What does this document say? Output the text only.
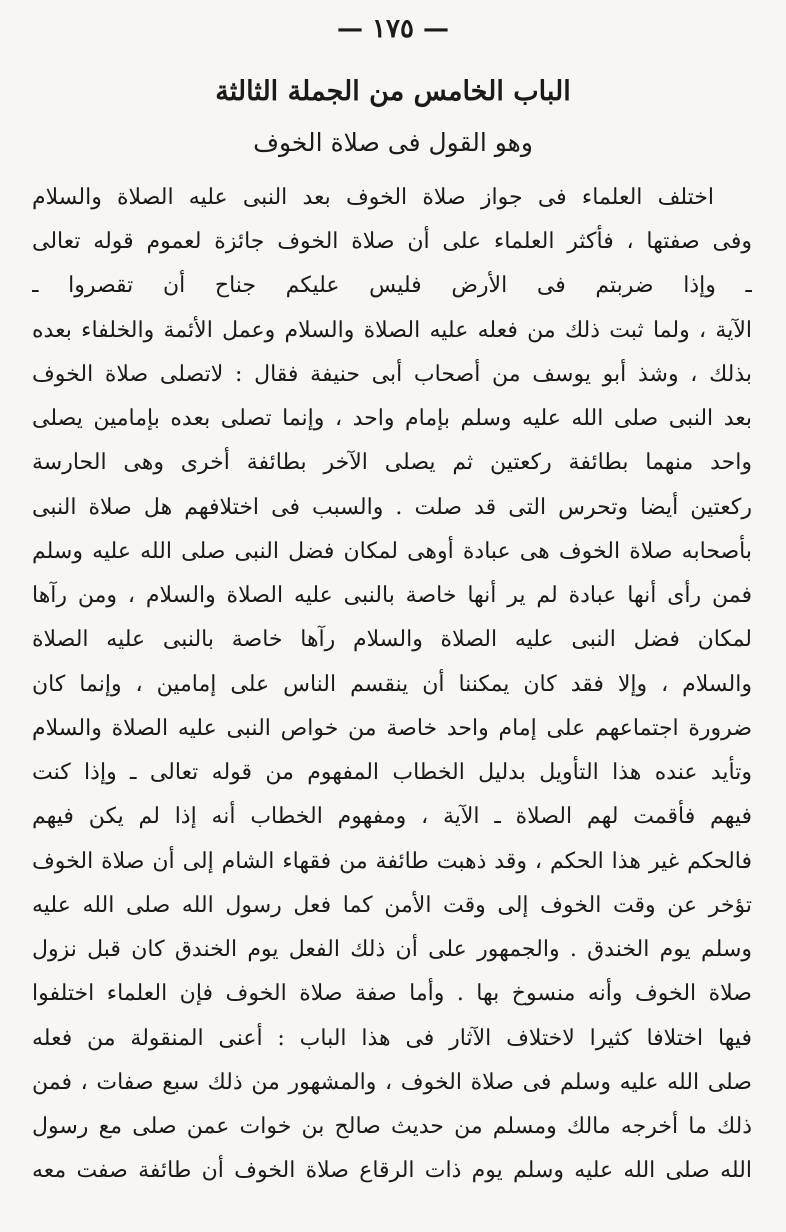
— ١٧٥ —
الباب الخامس من الجملة الثالثة
وهو القول فى صلاة الخوف
اختلف العلماء فى جواز صلاة الخوف بعد النبى عليه الصلاة والسلام
وفى صفتها ، فأكثر العلماء على أن صلاة الخوف جائزة لعموم قوله تعالى
ـ وإذا ضربتم فى الأرض فليس عليكم جناح أن تقصروا ـ
الآية ، ولما ثبت ذلك من فعله عليه الصلاة والسلام وعمل الأئمة والخلفاء بعده
بذلك ، وشذ أبو يوسف من أصحاب أبى حنيفة فقال : لاتصلى صلاة الخوف
بعد النبى صلى الله عليه وسلم بإمام واحد ، وإنما تصلى بعده بإمامين يصلى
واحد منهما بطائفة ركعتين ثم يصلى الآخر بطائفة أخرى وهى الحارسة
ركعتين أيضا وتحرس التى قد صلت . والسبب فى اختلافهم هل صلاة النبى
بأصحابه صلاة الخوف هى عبادة أوهى لمكان فضل النبى صلى الله عليه وسلم
فمن رأى أنها عبادة لم ير أنها خاصة بالنبى عليه الصلاة والسلام ، ومن رآها
لمكان فضل النبى عليه الصلاة والسلام رآها خاصة بالنبى عليه الصلاة
والسلام ، وإلا فقد كان يمكننا أن ينقسم الناس على إمامين ، وإنما كان
ضرورة اجتماعهم على إمام واحد خاصة من خواص النبى عليه الصلاة والسلام
وتأيد عنده هذا التأويل بدليل الخطاب المفهوم من قوله تعالى ـ وإذا كنت
فيهم فأقمت لهم الصلاة ـ الآية ، ومفهوم الخطاب أنه إذا لم يكن فيهم
فالحكم غير هذا الحكم ، وقد ذهبت طائفة من فقهاء الشام إلى أن صلاة الخوف
تؤخر عن وقت الخوف إلى وقت الأمن كما فعل رسول الله صلى الله عليه
وسلم يوم الخندق . والجمهور على أن ذلك الفعل يوم الخندق كان قبل نزول
صلاة الخوف وأنه منسوخ بها . وأما صفة صلاة الخوف فإن العلماء اختلفوا
فيها اختلافا كثيرا لاختلاف الآثار فى هذا الباب : أعنى المنقولة من فعله
صلى الله عليه وسلم فى صلاة الخوف ، والمشهور من ذلك سبع صفات ، فمن
ذلك ما أخرجه مالك ومسلم من حديث صالح بن خوات عمن صلى مع رسول
الله صلى الله عليه وسلم يوم ذات الرقاع صلاة الخوف أن طائفة صفت معه
